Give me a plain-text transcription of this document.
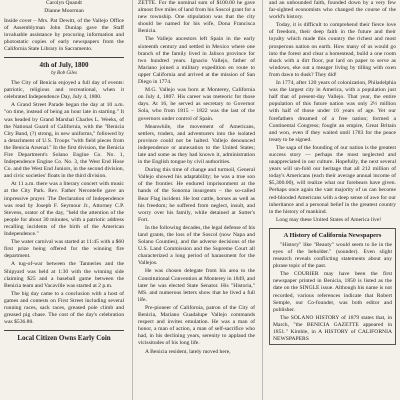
Carolyn Quandt

Dianne Moorman

Inside cover – Mrs. Pat Dewitt, of the Vallejo Office of Assemblyman John Dunlap gave the Staff invaluable assistance by procuring information and photostatic copies of early newspapers from the California State Library in Sacramento.

4th of July, 1800
by Bob Giles

The City of Benicia enjoyed a full day of events: patriotic, religious and recreational, when it celebrated Independence Day, July 4, 1800.

A Grand Street Parade began the day at 10 a.m. "on time, instead of being an hour late in starting." It was headed by Grand Marshal Charles L. Weeks, of the National Guard of California, with the "Benicia City Band, (?) strong, in new uniforms," followed by a detachment of U.S. Troops "with field pieces from the Benicia Arsenal." In the first division, the Benicia Fire Department's Solano Engine Co. No. 1, Independence Engine Co. No. 3, the West End Hose Co. and the West End Juniors, in the second division, and civic societies' floats in the third division.

At 11 a.m. there was a literary concert with music at the City Park. Rev. Father Nerontelle gave an impressive prayer. The Declaration of Independence was read by Joseph F. Seymour Jr., Attorney C.P. Stevens, orator of the day, "held the attention of the people for about 30 minutes, with a patriotic address recalling incidents of the birth of the American Independence."

The water carnival was started at 11:45 with a $60 first prize being offered for the winning fire department.

A tug-of-war between the Tanneries and the Shipyard was held at 1:30 with the winning side claiming $25 and a baseball game between the Benicia team and Vacaville was started at 2 p.m.

The big day came to a conclusion with a host of games and contests on First Street including several running races, sack races, greased pole climb and greased pig chase. The cost of the day's celebration was $536.80.

Local Citizen Owns Early Coin

ZETTE. For the nominal sum of $100.00 he gave almost five miles of land from his Soscol grant for a new township. One stipulation was that the city should be named for his wife, Dona Francisca Benicia.

The Vallejo ancestors left Spain in the early sixteenth century and settled in Mexico where one branch of the family lived in Jalisco province for two hundred years. Ignacio Vallejo, father of Mariano joined a military expedition en route to upper California and arrived at the mission of San Diego in 1774.

M.G. Vallejo was born at Monterey, California on July 4, 1807. His career was meteoric for those days. At 16, he served as secretary to Governor Sola, who from 1815 – 1822 was the last of the governors under control of Spain.

Meanwhile, the movement of Americans, settlers, traders, and adventurers into the isolated province could not be halted. Vallejo denounced independence or annexation to the United States; late and some as they had known it, administration in the English tongue by civil authorities.

During this time of change and turmoil, General Vallejo showed his adaptability; he was a true son of the frontier. He endured imprisonment at the hands of the Sonoma insurgents – the so-called Bear Flag incident. He lost cattle, horses as well as his freedom; he suffered from neglect, insult, and worry over his family, while detained at Sutter's Fort.

In the following decades, the legal defense of his land grants, the loss of the Soscol (now Napa and Solano Counties), and the adverse decisions of the U.S. Land Commission and the Supreme Court all characterized a long period of harassment for the Vallejos.

He was chosen delegate from his area to the Constitutional Convention at Monterey in 1849, and later he was elected State Senator. His "Historia," MS. and numerous letters show that he lived a full life.

Pre-pioneer of California, patron of the City of Benicia, Mariano Guadalupe Vallejo commands respect and invites emulation. He was a man of honor, a man of action, a man of self-sacrifice who had, in his declining years, serenity to applaud the vicissitudes of his long life.

A Benicia resident, lately moved here,

and an unbounded faith, founded down by a very few far-sighted economists who changed the course of the world's history.

Today, it is difficult to comprehend their fierce love of freedom, their deep faith in the future and their loyalty which made this country the richest and most prosperous nation on earth. How many of us would go into the forest and clear a homestead, build a one room shack with a dirt floor, put lard on paper to serve as windows, eke out a meager living by tilling with oxen from dawn to dusk? They did!

In 1774, after 120 years of colonization, Philadelphia was the largest city in America, with a population just half that of present-day Vallejo. That year, the entire population of this future nation was only 2½ million with half of those under 16 years of age. Yet our forefathers dreamed of a free nation; formed a Continental Congress; fought an empire, Great Britain and won, even if they waited until 1783 for the peace treaty to be signed.

The saga of the founding of our nation is the greatest success story — perhaps the most neglected and unappreciated in our culture. Hopefully, the next several years will un-fold our heritage that all 212 million of today's Americans (each their average annual income of $5,300.00), will realize what our forebears have given. Perhaps once again the vast majority of us can become red-blooded Americans with a deep sense of awe for our inheritance and a personal belief in the greatest country in the history of mankind.

Long may these United States of America live!

A History of California Newspapers

"History" like "Beauty" would seem to lie in the eyes of the beholder." (sounder). Even slight research reveals conflicting statements about any phrase topic of the past.

The COURIER may have been the first newspaper printed in Benicia, 1850 is listed as the date on the SINGLE issue. Although his name is not recorded, various references indicate that Robert Semple, our Co-founder, was both editor and publisher.

The SOLANO HISTORY of 1879 states that, in March, "the BENICIA GAZETTE appeared in 1851." Kimble, in A HISTORY of CALIFORNIA NEWSPAPERS
